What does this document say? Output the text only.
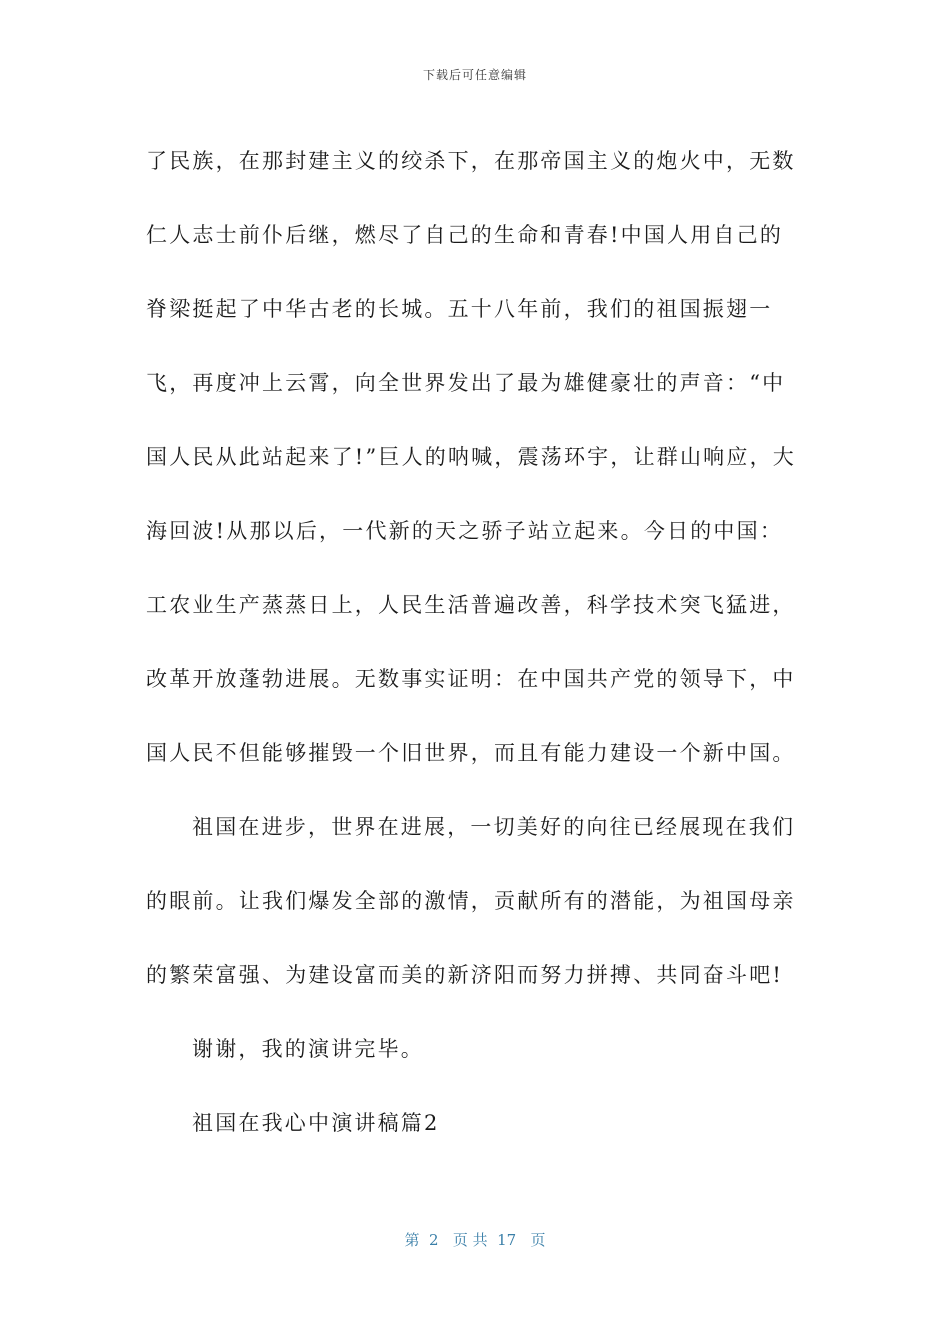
下载后可任意编辑

了民族，在那封建主义的绞杀下，在那帝国主义的炮火中，无数仁人志士前仆后继，燃尽了自己的生命和青春!中国人用自己的脊梁挺起了中华古老的长城。五十八年前，我们的祖国振翅一飞，再度冲上云霄，向全世界发出了最为雄健豪壮的声音：“中国人民从此站起来了!”巨人的呐喊，震荡环宇，让群山响应，大海回波!从那以后，一代新的天之骄子站立起来。今日的中国：工农业生产蒸蒸日上，人民生活普遍改善，科学技术突飞猛进，改革开放蓬勃进展。无数事实证明：在中国共产党的领导下，中国人民不但能够摧毁一个旧世界，而且有能力建设一个新中国。

祖国在进步，世界在进展，一切美好的向往已经展现在我们的眼前。让我们爆发全部的激情，贡献所有的潜能，为祖国母亲的繁荣富强、为建设富而美的新济阳而努力拼搏、共同奋斗吧!

谢谢，我的演讲完毕。

祖国在我心中演讲稿篇2

第  2   页 共  17   页
